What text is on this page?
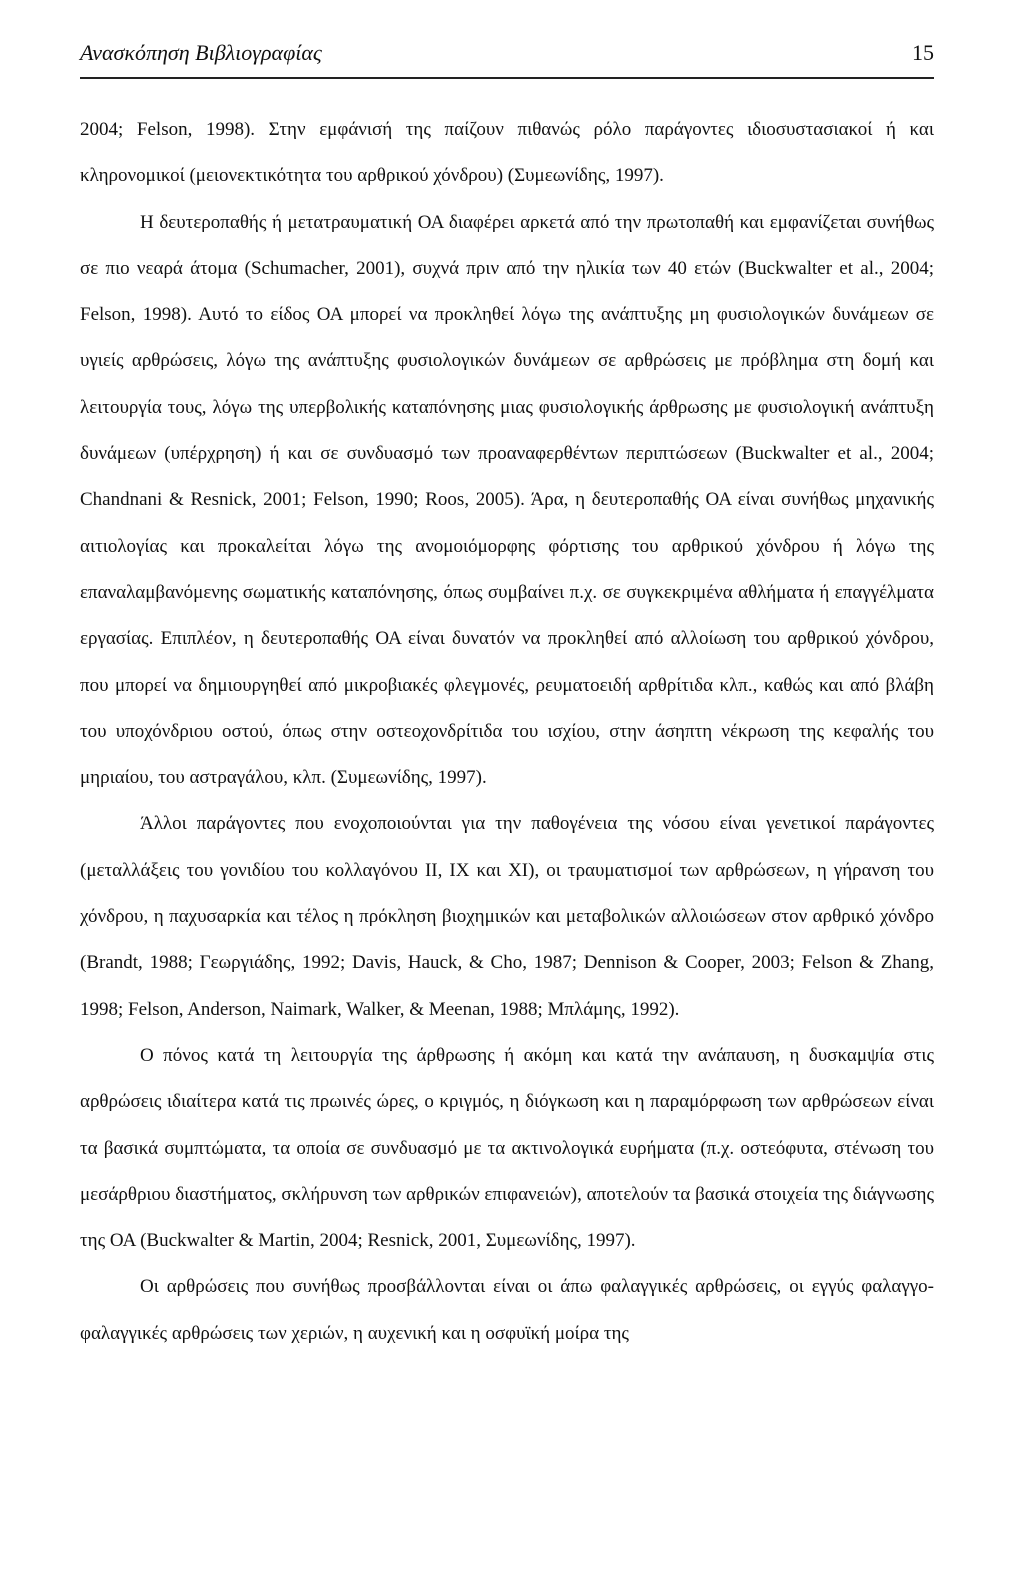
Ανασκόπηση Βιβλιογραφίας	15

2004; Felson, 1998). Στην εμφάνισή της παίζουν πιθανώς ρόλο παράγοντες ιδιοσυστασιακοί ή και κληρονομικοί (μειονεκτικότητα του αρθρικού χόνδρου) (Συμεωνίδης, 1997).

Η δευτεροπαθής ή μετατραυματική ΟΑ διαφέρει αρκετά από την πρωτοπαθή και εμφανίζεται συνήθως σε πιο νεαρά άτομα (Schumacher, 2001), συχνά πριν από την ηλικία των 40 ετών (Buckwalter et al., 2004; Felson, 1998). Αυτό το είδος ΟΑ μπορεί να προκληθεί λόγω της ανάπτυξης μη φυσιολογικών δυνάμεων σε υγιείς αρθρώσεις, λόγω της ανάπτυξης φυσιολογικών δυνάμεων σε αρθρώσεις με πρόβλημα στη δομή και λειτουργία τους, λόγω της υπερβολικής καταπόνησης μιας φυσιολογικής άρθρωσης με φυσιολογική ανάπτυξη δυνάμεων (υπέρχρηση) ή και σε συνδυασμό των προαναφερθέντων περιπτώσεων (Buckwalter et al., 2004; Chandnani & Resnick, 2001; Felson, 1990; Roos, 2005). Άρα, η δευτεροπαθής ΟΑ είναι συνήθως μηχανικής αιτιολογίας και προκαλείται λόγω της ανομοιόμορφης φόρτισης του αρθρικού χόνδρου ή λόγω της επαναλαμβανόμενης σωματικής καταπόνησης, όπως συμβαίνει π.χ. σε συγκεκριμένα αθλήματα ή επαγγέλματα εργασίας. Επιπλέον, η δευτεροπαθής ΟΑ είναι δυνατόν να προκληθεί από αλλοίωση του αρθρικού χόνδρου, που μπορεί να δημιουργηθεί από μικροβιακές φλεγμονές, ρευματοειδή αρθρίτιδα κλπ., καθώς και από βλάβη του υποχόνδριου οστού, όπως στην οστεοχονδρίτιδα του ισχίου, στην άσηπτη νέκρωση της κεφαλής του μηριαίου, του αστραγάλου, κλπ. (Συμεωνίδης, 1997).

Άλλοι παράγοντες που ενοχοποιούνται για την παθογένεια της νόσου είναι γενετικοί παράγοντες (μεταλλάξεις του γονιδίου του κολλαγόνου II, IX και XI), οι τραυματισμοί των αρθρώσεων, η γήρανση του χόνδρου, η παχυσαρκία και τέλος η πρόκληση βιοχημικών και μεταβολικών αλλοιώσεων στον αρθρικό χόνδρο (Brandt, 1988; Γεωργιάδης, 1992; Davis, Hauck, & Cho, 1987; Dennison & Cooper, 2003; Felson & Zhang, 1998; Felson, Anderson, Naimark, Walker, & Meenan, 1988; Μπλάμης, 1992).

Ο πόνος κατά τη λειτουργία της άρθρωσης ή ακόμη και κατά την ανάπαυση, η δυσκαμψία στις αρθρώσεις ιδιαίτερα κατά τις πρωινές ώρες, ο κριγμός, η διόγκωση και η παραμόρφωση των αρθρώσεων είναι τα βασικά συμπτώματα, τα οποία σε συνδυασμό με τα ακτινολογικά ευρήματα (π.χ. οστεόφυτα, στένωση του μεσάρθριου διαστήματος, σκλήρυνση των αρθρικών επιφανειών), αποτελούν τα βασικά στοιχεία της διάγνωσης της ΟΑ (Buckwalter & Martin, 2004; Resnick, 2001, Συμεωνίδης, 1997).

Οι αρθρώσεις που συνήθως προσβάλλονται είναι οι άπω φαλαγγικές αρθρώσεις, οι εγγύς φαλαγγο-φαλαγγικές αρθρώσεις των χεριών, η αυχενική και η οσφυϊκή μοίρα της
